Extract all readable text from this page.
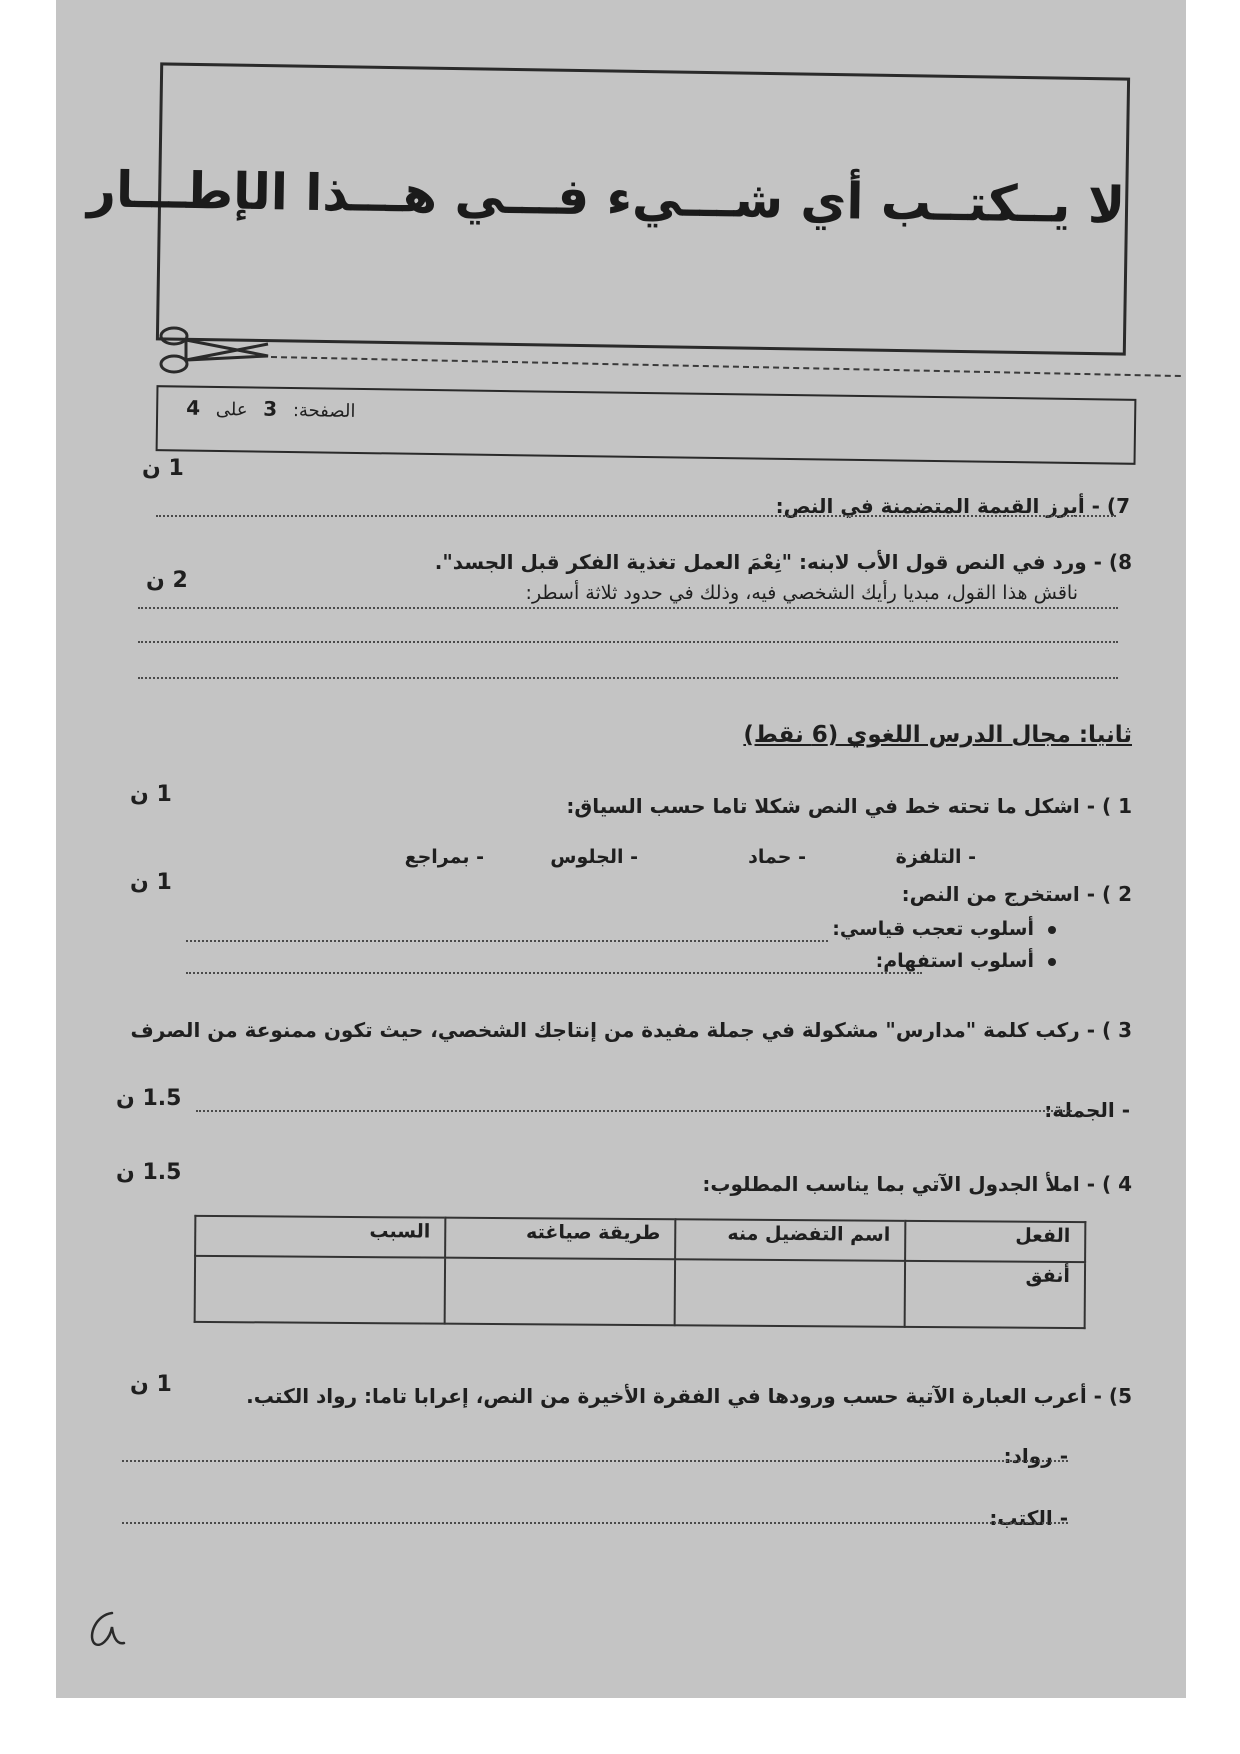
لا يــكتــب أي شـــيء فـــي هـــذا الإطـــار
الصفحة: 3 على 4
1 ن
7) - أبرز القيمة المتضمنة في النص:
8) - ورد في النص قول الأب لابنه: "نِعْمَ العمل تغذية الفكر قبل الجسد".
2 ن	ناقش هذا القول، مبديا رأيك الشخصي فيه، وذلك في حدود ثلاثة أسطر:
ثانيا: مجال الدرس اللغوي (6 نقط)
1 ن	1 ) - اشكل ما تحته خط في النص شكلا تاما حسب السياق:
- التلفزة
- حماد
- الجلوس
- بمراجع
1 ن	2 ) - استخرج من النص:
أسلوب تعجب قياسي:
أسلوب استفهام:
3 ) - ركب كلمة "مدارس" مشكولة في جملة مفيدة من إنتاجك الشخصي، حيث تكون ممنوعة من الصرف
1.5 ن	- الجملة:
1.5 ن	4 ) - املأ الجدول الآتي بما يناسب المطلوب:
الفعل	اسم التفضيل منه	طريقة صياغته	السبب
أنفق			
1 ن	5) - أعرب العبارة الآتية حسب ورودها في الفقرة الأخيرة من النص، إعرابا تاما: رواد الكتب.
- رواد:
- الكتب:
